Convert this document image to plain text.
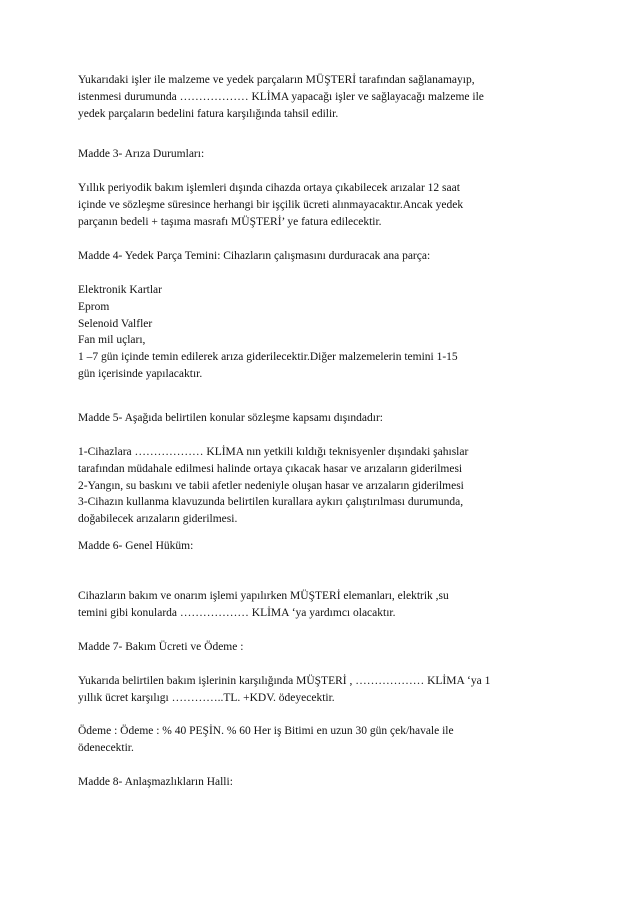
Yukarıdaki işler ile malzeme ve yedek parçaların MÜŞTERİ tarafından sağlanamayıp,
istenmesi durumunda ……………… KLİMA yapacağı işler ve sağlayacağı malzeme ile
yedek parçaların bedelini fatura karşılığında tahsil edilir.
Madde 3- Arıza Durumları:
Yıllık periyodik bakım işlemleri dışında cihazda ortaya çıkabilecek arızalar 12 saat
içinde ve sözleşme süresince herhangi bir işçilik ücreti alınmayacaktır.Ancak yedek
parçanın bedeli + taşıma masrafı MÜŞTERİ’ ye fatura edilecektir.
Madde 4- Yedek Parça Temini: Cihazların çalışmasını durduracak ana parça:
Elektronik Kartlar
Eprom
Selenoid Valfler
Fan mil uçları,
1 –7 gün içinde temin edilerek arıza giderilecektir.Diğer malzemelerin temini 1-15
gün içerisinde yapılacaktır.
Madde 5- Aşağıda belirtilen konular sözleşme kapsamı dışındadır:
1-Cihazlara ……………… KLİMA nın yetkili kıldığı teknisyenler dışındaki şahıslar
tarafından müdahale edilmesi halinde ortaya çıkacak hasar ve arızaların giderilmesi
2-Yangın, su baskını ve tabii afetler nedeniyle oluşan hasar ve arızaların giderilmesi
3-Cihazın kullanma klavuzunda belirtilen kurallara aykırı çalıştırılması durumunda,
doğabilecek arızaların giderilmesi.
Madde 6- Genel Hüküm:
Cihazların bakım ve onarım işlemi yapılırken MÜŞTERİ elemanları, elektrik ,su
temini gibi konularda ……………… KLİMA ‘ya yardımcı olacaktır.
Madde 7- Bakım Ücreti ve Ödeme :
Yukarıda belirtilen bakım işlerinin karşılığında MÜŞTERİ , ……………… KLİMA ‘ya 1
yıllık ücret karşılıgı …………..TL. +KDV. ödeyecektir.
Ödeme : Ödeme : % 40 PEŞİN. % 60 Her iş Bitimi en uzun 30 gün çek/havale ile
ödenecektir.
Madde 8- Anlaşmazlıkların Halli:
